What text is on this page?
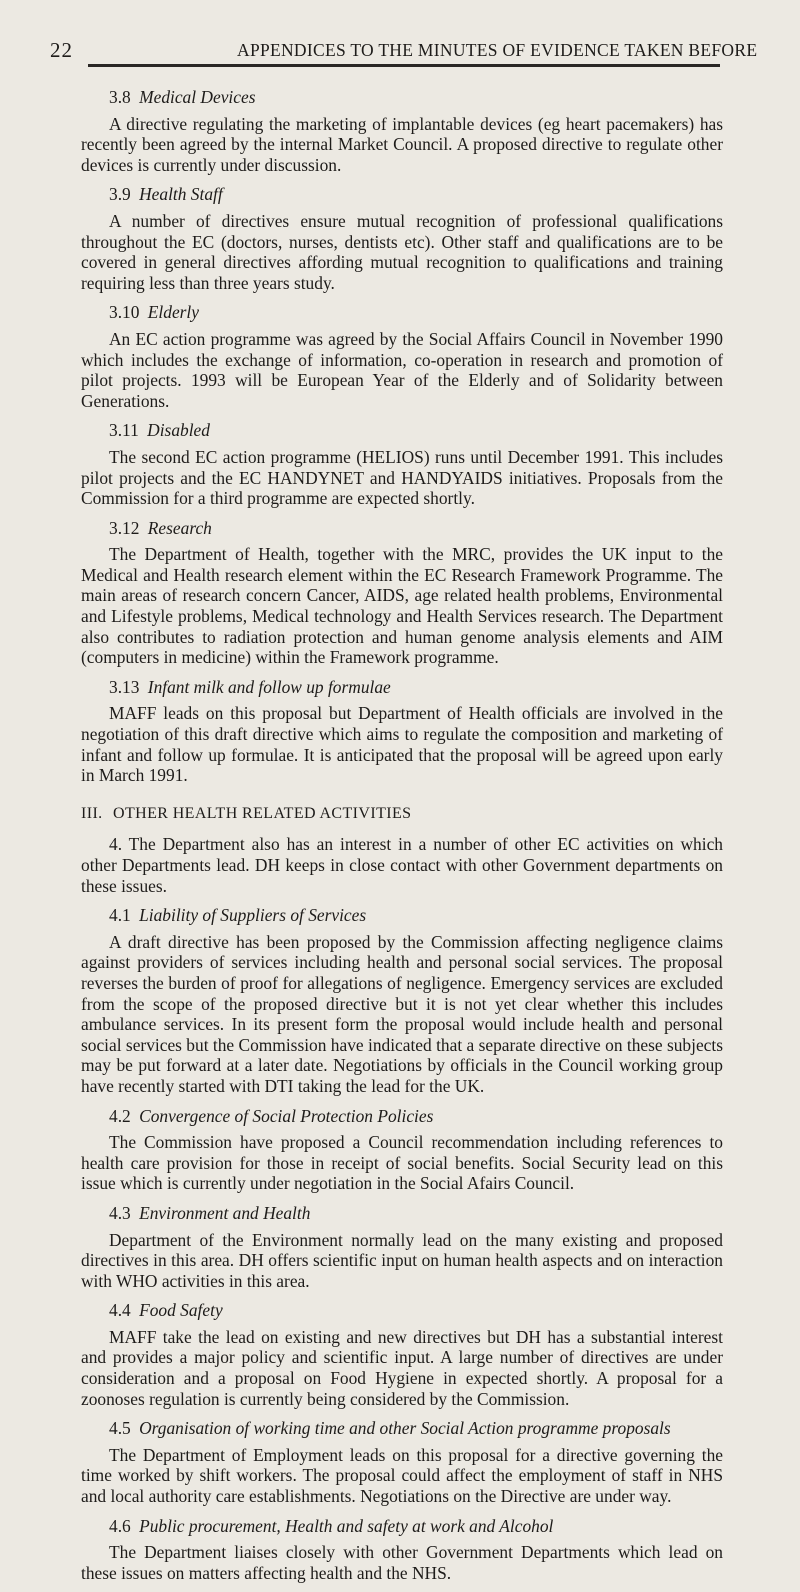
22	APPENDICES TO THE MINUTES OF EVIDENCE TAKEN BEFORE
3.8 Medical Devices

A directive regulating the marketing of implantable devices (eg heart pacemakers) has recently been agreed by the internal Market Council. A proposed directive to regulate other devices is currently under discussion.

3.9 Health Staff

A number of directives ensure mutual recognition of professional qualifications throughout the EC (doctors, nurses, dentists etc). Other staff and qualifications are to be covered in general directives affording mutual recognition to qualifications and training requiring less than three years study.

3.10 Elderly

An EC action programme was agreed by the Social Affairs Council in November 1990 which includes the exchange of information, co-operation in research and promotion of pilot projects. 1993 will be European Year of the Elderly and of Solidarity between Generations.

3.11 Disabled

The second EC action programme (HELIOS) runs until December 1991. This includes pilot projects and the EC HANDYNET and HANDYAIDS initiatives. Proposals from the Commission for a third programme are expected shortly.

3.12 Research

The Department of Health, together with the MRC, provides the UK input to the Medical and Health research element within the EC Research Framework Programme. The main areas of research concern Cancer, AIDS, age related health problems, Environmental and Lifestyle problems, Medical technology and Health Services research. The Department also contributes to radiation protection and human genome analysis elements and AIM (computers in medicine) within the Framework programme.

3.13 Infant milk and follow up formulae

MAFF leads on this proposal but Department of Health officials are involved in the negotiation of this draft directive which aims to regulate the composition and marketing of infant and follow up formulae. It is anticipated that the proposal will be agreed upon early in March 1991.

III. OTHER HEALTH RELATED ACTIVITIES

4. The Department also has an interest in a number of other EC activities on which other Departments lead. DH keeps in close contact with other Government departments on these issues.

4.1 Liability of Suppliers of Services

A draft directive has been proposed by the Commission affecting negligence claims against providers of services including health and personal social services. The proposal reverses the burden of proof for allegations of negligence. Emergency services are excluded from the scope of the proposed directive but it is not yet clear whether this includes ambulance services. In its present form the proposal would include health and personal social services but the Commission have indicated that a separate directive on these subjects may be put forward at a later date. Negotiations by officials in the Council working group have recently started with DTI taking the lead for the UK.

4.2 Convergence of Social Protection Policies

The Commission have proposed a Council recommendation including references to health care provision for those in receipt of social benefits. Social Security lead on this issue which is currently under negotiation in the Social Afairs Council.

4.3 Environment and Health

Department of the Environment normally lead on the many existing and proposed directives in this area. DH offers scientific input on human health aspects and on interaction with WHO activities in this area.

4.4 Food Safety

MAFF take the lead on existing and new directives but DH has a substantial interest and provides a major policy and scientific input. A large number of directives are under consideration and a proposal on Food Hygiene in expected shortly. A proposal for a zoonoses regulation is currently being considered by the Commission.

4.5 Organisation of working time and other Social Action programme proposals

The Department of Employment leads on this proposal for a directive governing the time worked by shift workers. The proposal could affect the employment of staff in NHS and local authority care establishments. Negotiations on the Directive are under way.

4.6 Public procurement, Health and safety at work and Alcohol

The Department liaises closely with other Government Departments which lead on these issues on matters affecting health and the NHS.
